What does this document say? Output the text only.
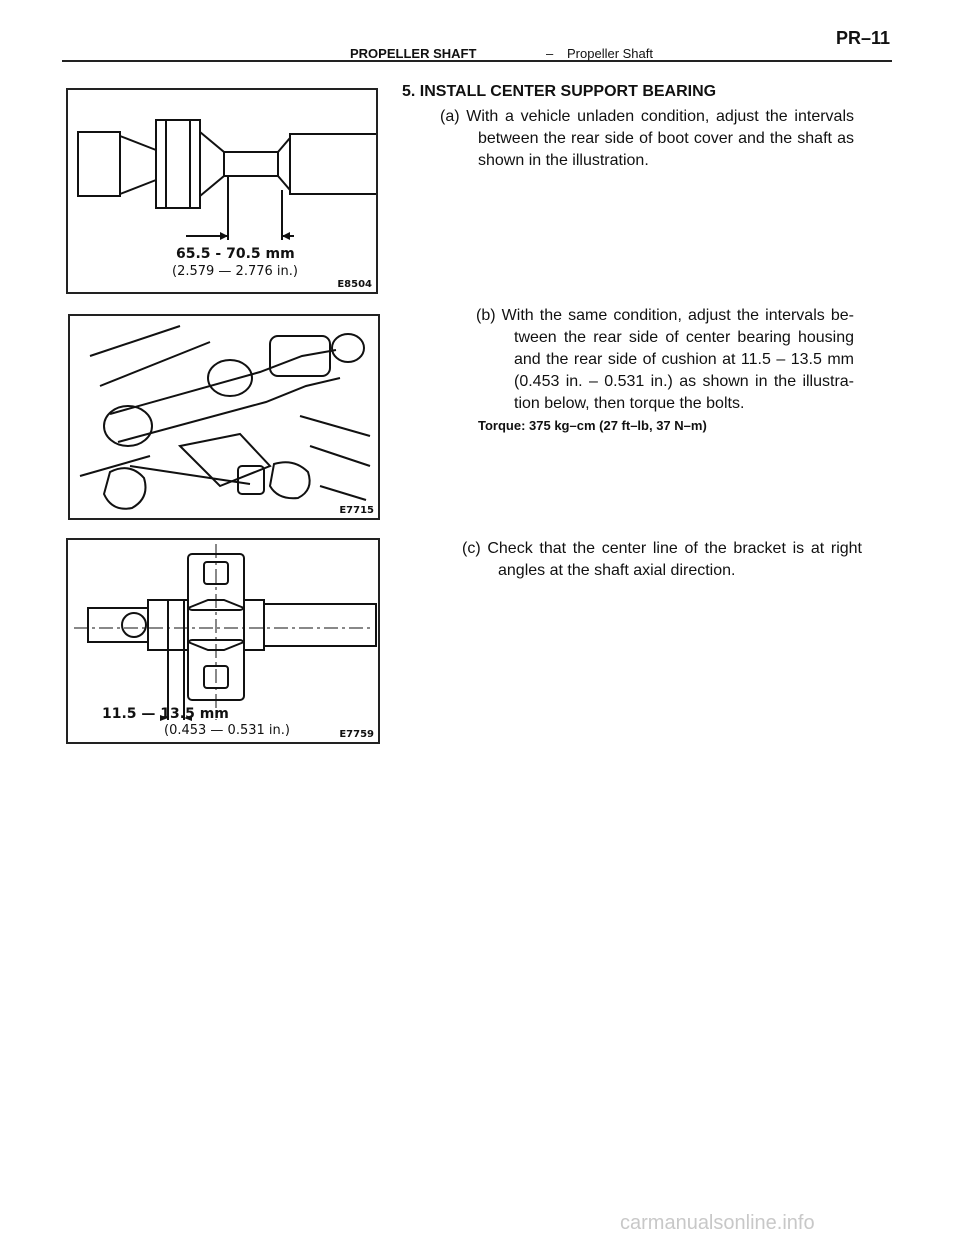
PROPELLER SHAFT	– Propeller Shaft
PR–11
65.5 - 70.5 mm
(2.579 — 2.776 in.)
E8504
E7715
11.5 — 13.5 mm
(0.453 — 0.531 in.)	E7759
5. INSTALL CENTER SUPPORT BEARING

(a) With a vehicle unladen condition, adjust the intervals between the rear side of boot cover and the shaft as shown in the illustration.

(b) With the same condition, adjust the intervals be- tween the rear side of center bearing housing and the rear side of cushion at 11.5 – 13.5 mm (0.453 in. – 0.531 in.) as shown in the illustra- tion below, then torque the bolts.

Torque: 375 kg–cm (27 ft–lb, 37 N–m)

(c) Check that the center line of the bracket is at right angles at the shaft axial direction.

carmanualsonline.info
